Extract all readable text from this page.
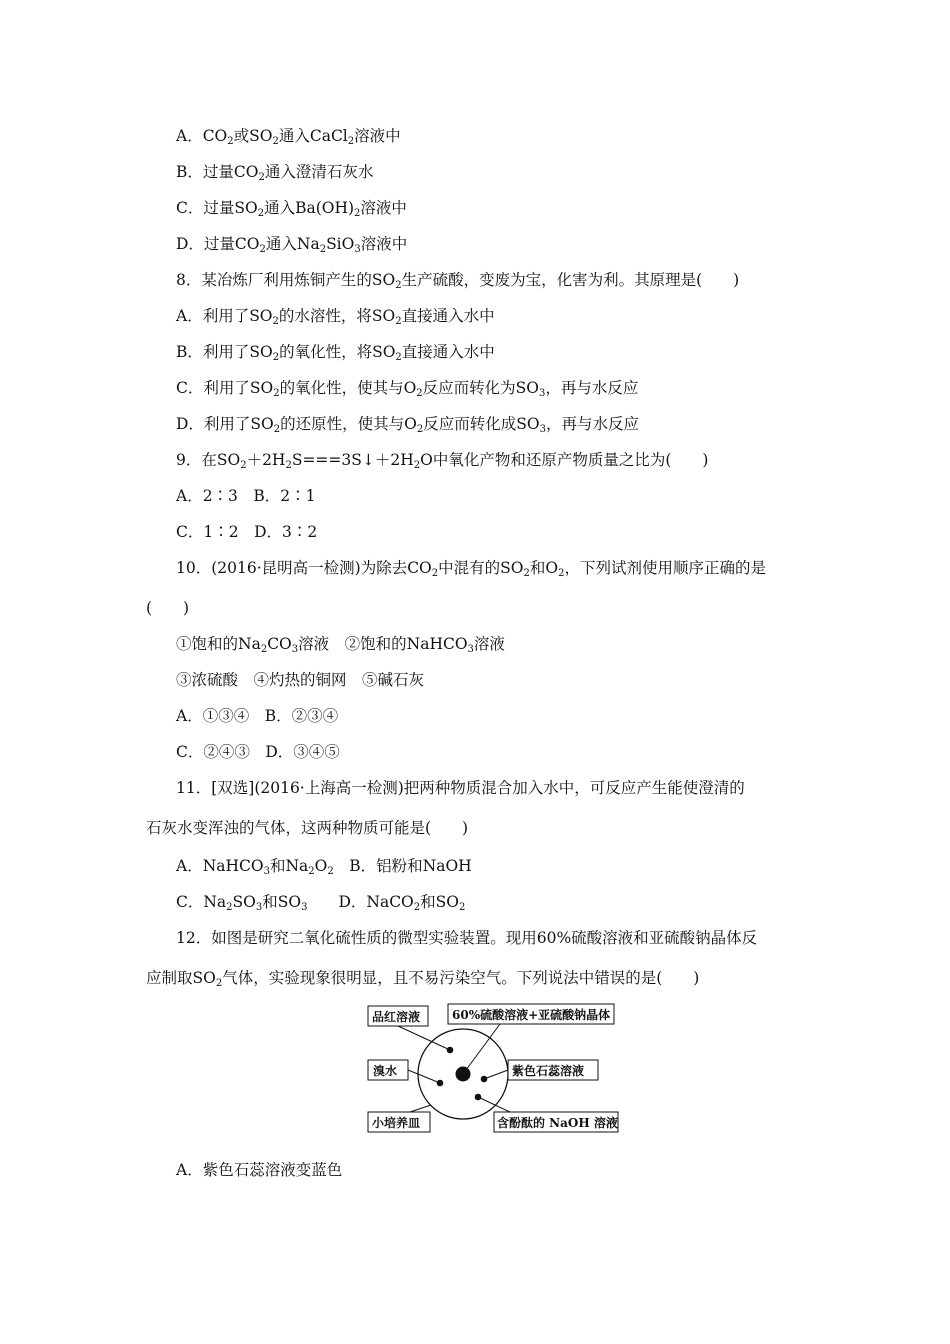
A．$CO_2$或$SO_2$通入CaCl$_2$溶液中
B．过量$CO_2$通入澄清石灰水
C．过量$SO_2$通入$Ba(OH)_2$溶液中
D．过量$CO_2$通入$Na_2SiO_3$溶液中
8．某冶炼厂利用炼铜产生的$SO_2$生产硫酸，变废为宝，化害为利。其原理是(　　)
A．利用了$SO_2$的水溶性，将$SO_2$直接通入水中
B．利用了$SO_2$的氧化性，将$SO_2$直接通入水中
C．利用了$SO_2$的氧化性，使其与$O_2$反应而转化为$SO_3$，再与水反应
D．利用了$SO_2$的还原性，使其与$O_2$反应而转化成$SO_3$，再与水反应
9．在$SO_2+2H_2S===3S↓+2H_2O$中氧化产物和还原产物质量之比为(　　)
A．2∶3　B．2∶1
C．1∶2　D．3∶2
10．(2016·昆明高一检测)为除去$CO_2$中混有的$SO_2$和$O_2$，下列试剂使用顺序正确的是
(　　)
①饱和的$Na_2CO_3$溶液　②饱和的NaHCO$_3$溶液
③浓硫酸　④灼热的铜网　⑤碱石灰
A．①③④　B．②③④
C．②④③　D．③④⑤
11．[双选](2016·上海高一检测)把两种物质混合加入水中，可反应产生能使澄清的
石灰水变浑浊的气体，这两种物质可能是(　　)
A．NaHCO$_3$和$Na_2O_2$　B．铝粉和NaOH
C．$Na_2SO_3$和$SO_3$　　D．NaCO$_2$和$SO_2$
12．如图是研究二氧化硫性质的微型实验装置。现用60%硫酸溶液和亚硫酸钠晶体反
应制取$SO_2$气体，实验现象很明显，且不易污染空气。下列说法中错误的是(　　)
品红溶液	60%硫酸溶液+亚硫酸钠晶体
溴水	紫色石蕊溶液
小培养皿	含酚酞的 NaOH 溶液
A．紫色石蕊溶液变蓝色
